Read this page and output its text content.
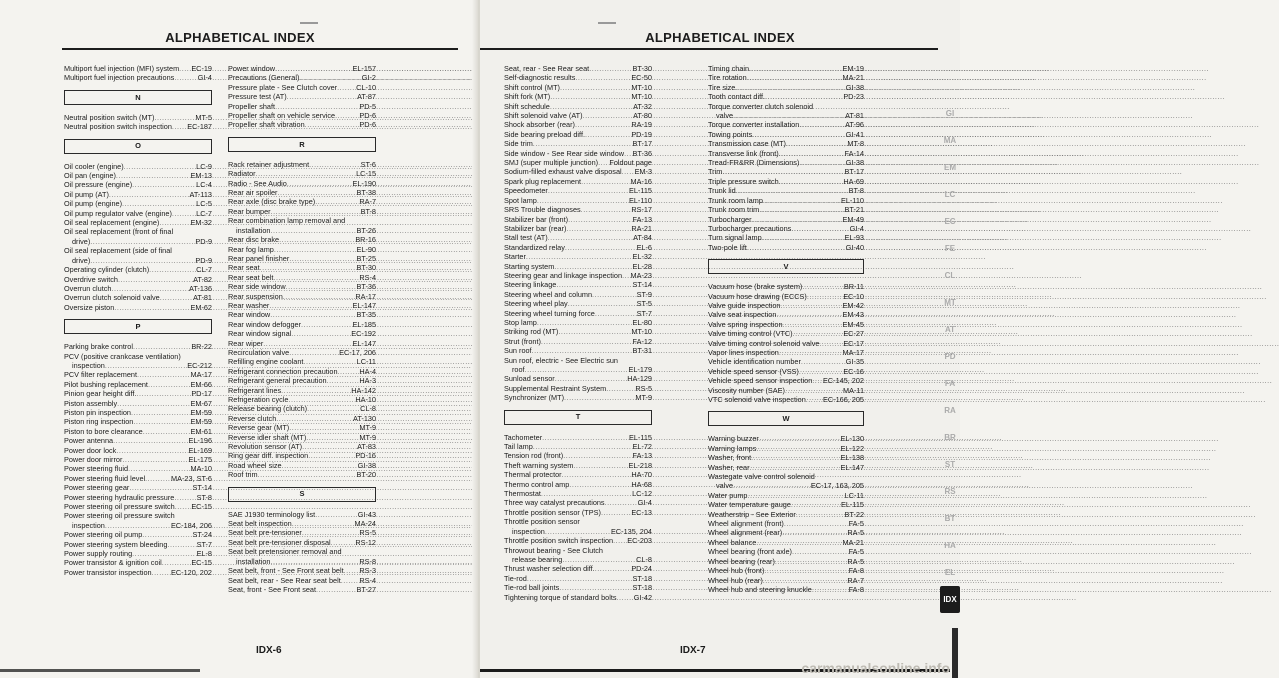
ALPHABETICAL INDEX
Multiport fuel injection (MFI) system ..... EC-19
Multiport fuel injection precautions .....	GI-4
N
Neutral position switch (MT) .....	MT-5
Neutral position switch inspection ..... EC-187
O
Oil cooler (engine) .....	LC-9
Oil pan (engine) .....	EM-13
Oil pressure (engine) .....	LC-4
Oil pump (AT) .....	AT-113
Oil pump (engine) .....	LC-5
Oil pump regulator valve (engine) .....	LC-7
Oil seal replacement (engine) .....	EM-32
Oil seal replacement (front of final
drive) .....	PD-9
Oil seal replacement (side of final
drive) .....	PD-9
Operating cylinder (clutch) .....	CL-7
Overdrive switch .....	AT-82
Overrun clutch .....	AT-136
Overrun clutch solenoid valve .....	AT-81
Oversize piston .....	EM-62
P
Parking brake control .....	BR-22
PCV (positive crankcase ventilation)
inspection .....	EC-212
PCV filter replacement .....	MA-17
Pilot bushing replacement .....	EM-66
Pinion gear height diff. .....	PD-17
Piston assembly .....	EM-67
Piston pin inspection .....	EM-59
Piston ring inspection .....	EM-59
Piston to bore clearance .....	EM-61
Power antenna .....	EL-196
Power door lock .....	EL-169
Power door mirror .....	EL-175
Power steering fluid .....	MA-10
Power steering fluid level .....	MA-23, ST-6
Power steering gear .....	ST-14
Power steering hydraulic pressure .....	ST-8
Power steering oil pressure switch ..... EC-15
Power steering oil pressure switch
inspection .....	EC-184, 206
Power steering oil pump .....	ST-24
Power steering system bleeding .....	ST-7
Power supply routing .....	EL-8
Power transistor & ignition coil .....	EC-15
Power transistor inspection .....	EC-120, 202
Power window .....	EL-157
Precautions (General) .....	GI-2
Pressure plate - See Clutch cover .....	CL-10
Pressure test (AT) .....	AT-87
Propeller shaft .....	PD-5
Propeller shaft on vehicle service .....	PD-6
Propeller shaft vibration .....	PD-6
R
Rack retainer adjustment .....	ST-6
Radiator .....	LC-15
Radio - See Audio .....	EL-190
Rear air spoiler .....	BT-38
Rear axle (disc brake type) .....	RA-7
Rear bumper .....	BT-8
Rear combination lamp removal and
installation .....	BT-26
Rear disc brake .....	BR-16
Rear fog lamp .....	EL-90
Rear panel finisher .....	BT-25
Rear seat .....	BT-30
Rear seat belt .....	RS-4
Rear side window .....	BT-36
Rear suspension .....	RA-17
Rear washer .....	EL-147
Rear window .....	BT-35
Rear window defogger .....	EL-185
Rear window signal .....	EC-192
Rear wiper .....	EL-147
Recirculation valve .....	EC-17, 206
Refilling engine coolant .....	LC-11
Refrigerant connection precaution .....	HA-4
Refrigerant general precaution .....	HA-3
Refrigerant lines .....	HA-142
Refrigeration cycle .....	HA-10
Release bearing (clutch) .....	CL-8
Reverse clutch .....	AT-130
Reverse gear (MT) .....	MT-9
Reverse idler shaft (MT) .....	MT-9
Revolution sensor (AT) .....	AT-83
Ring gear diff. inspection .....	PD-16
Road wheel size .....	GI-38
Roof trim .....	BT-20
S
SAE J1930 terminology list .....	GI-43
Seat belt inspection .....	MA-24
Seat belt pre-tensioner .....	RS-5
Seat belt pre-tensioner disposal .....	RS-12
Seat belt pretensioner removal and
installation .....	RS-8
Seat belt, front - See Front seat belt ..... RS-3
Seat belt, rear - See Rear seat belt .....	RS-4
Seat, front - See Front seat .....	BT-27
IDX-6
ALPHABETICAL INDEX
Seat, rear - See Rear seat .....	BT-30
Self-diagnostic results .....	EC-50
Shift control (MT) .....	MT-10
Shift fork (MT) .....	MT-10
Shift schedule .....	AT-32
Shift solenoid valve (AT) .....	AT-80
Shock absorber (rear) .....	RA-19
Side bearing preload diff. .....	PD-19
Side trim .....	BT-17
Side window - See Rear side window ..... BT-36
SMJ (super multiple junction) ..... Foldout page
Sodium-filled exhaust valve disposal ..... EM-3
Spark plug replacement .....	MA-16
Speedometer .....	EL-115
Spot lamp .....	EL-110
SRS Trouble diagnoses .....	RS-17
Stabilizer bar (front) .....	FA-13
Stabilizer bar (rear) .....	RA-21
Stall test (AT) .....	AT-84
Standardized relay .....	EL-6
Starter .....	EL-32
Starting system .....	EL-28
Steering gear and linkage inspection ..... MA-23
Steering linkage .....	ST-14
Steering wheel and column .....	ST-9
Steering wheel play .....	ST-5
Steering wheel turning force .....	ST-7
Stop lamp .....	EL-80
Striking rod (MT) .....	MT-10
Strut (front) .....	FA-12
Sun roof .....	BT-31
Sun roof, electric - See Electric sun
roof .....	EL-179
Sunload sensor .....	HA-129
Supplemental Restraint System .....	RS-5
Synchronizer (MT) .....	MT-9
T
Tachometer .....	EL-115
Tail lamp .....	EL-72
Tension rod (front) .....	FA-13
Theft warning system .....	EL-218
Thermal protector .....	HA-70
Thermo control amp .....	HA-68
Thermostat .....	LC-12
Three way catalyst precautions .....	GI-4
Throttle position sensor (TPS) .....	EC-13
Throttle position sensor
inspection .....	EC-135, 204
Throttle position switch inspection ..... EC-203
Throwout bearing - See Clutch
release bearing .....	CL-8
Thrust washer selection diff. .....	PD-24
Tie-rod .....	ST-18
Tie-rod ball joints .....	ST-18
Tightening torque of standard bolts ..... GI-42
Timing chain .....	EM-19
Tire rotation .....	MA-21
Tire size .....	GI-38
Tooth contact diff. .....	PD-23
Torque converter clutch solenoid
valve .....	AT-81
Torque converter installation .....	AT-96
Towing points .....	GI-41
Transmission case (MT) .....	MT-8
Transverse link (front) .....	FA-14
Tread-FR&RR (Dimensions) .....	GI-38
Trim .....	BT-17
Triple pressure switch .....	HA-69
Trunk lid .....	BT-8
Trunk room lamp .....	EL-110
Trunk room trim .....	BT-21
Turbocharger .....	EM-49
Turbocharger precautions .....	GI-4
Turn signal lamp .....	EL-93
Two-pole lift .....	GI-40
V
Vacuum hose (brake system) .....	BR-11
Vacuum hose drawing (ECCS) .....	EC-10
Valve guide inspection .....	EM-42
Valve seat inspection .....	EM-43
Valve spring inspection .....	EM-45
Valve timing control (VTC) .....	EC-27
Valve timing control solenoid valve .....	EC-17
Vapor lines inspection .....	MA-17
Vehicle identification number .....	GI-35
Vehicle speed sensor (VSS) .....	EC-16
Vehicle speed sensor inspection ..... EC-145, 202
Viscosity number (SAE) .....	MA-11
VTC solenoid valve inspection ..... EC-166, 205
W
Warning buzzer .....	EL-130
Warning lamps .....	EL-122
Washer, front .....	EL-138
Washer, rear .....	EL-147
Wastegate valve control solenoid
valve .....	EC-17, 163, 205
Water pump .....	LC-11
Water temperature gauge .....	EL-115
Weatherstrip - See Exterior .....	BT-22
Wheel alignment (front) .....	FA-5
Wheel alignment (rear) .....	RA-5
Wheel balance .....	MA-21
Wheel bearing (front axle) .....	FA-5
Wheel bearing (rear) .....	RA-5
Wheel hub (front) .....	FA-8
Wheel hub (rear) .....	RA-7
Wheel hub and steering knuckle .....	FA-8
GI
MA
EM
LC
EC
FE
CL
MT
AT
PD
FA
RA
BR
ST
RS
BT
HA
EL
IDX
IDX-7
carmanualsonline.info
